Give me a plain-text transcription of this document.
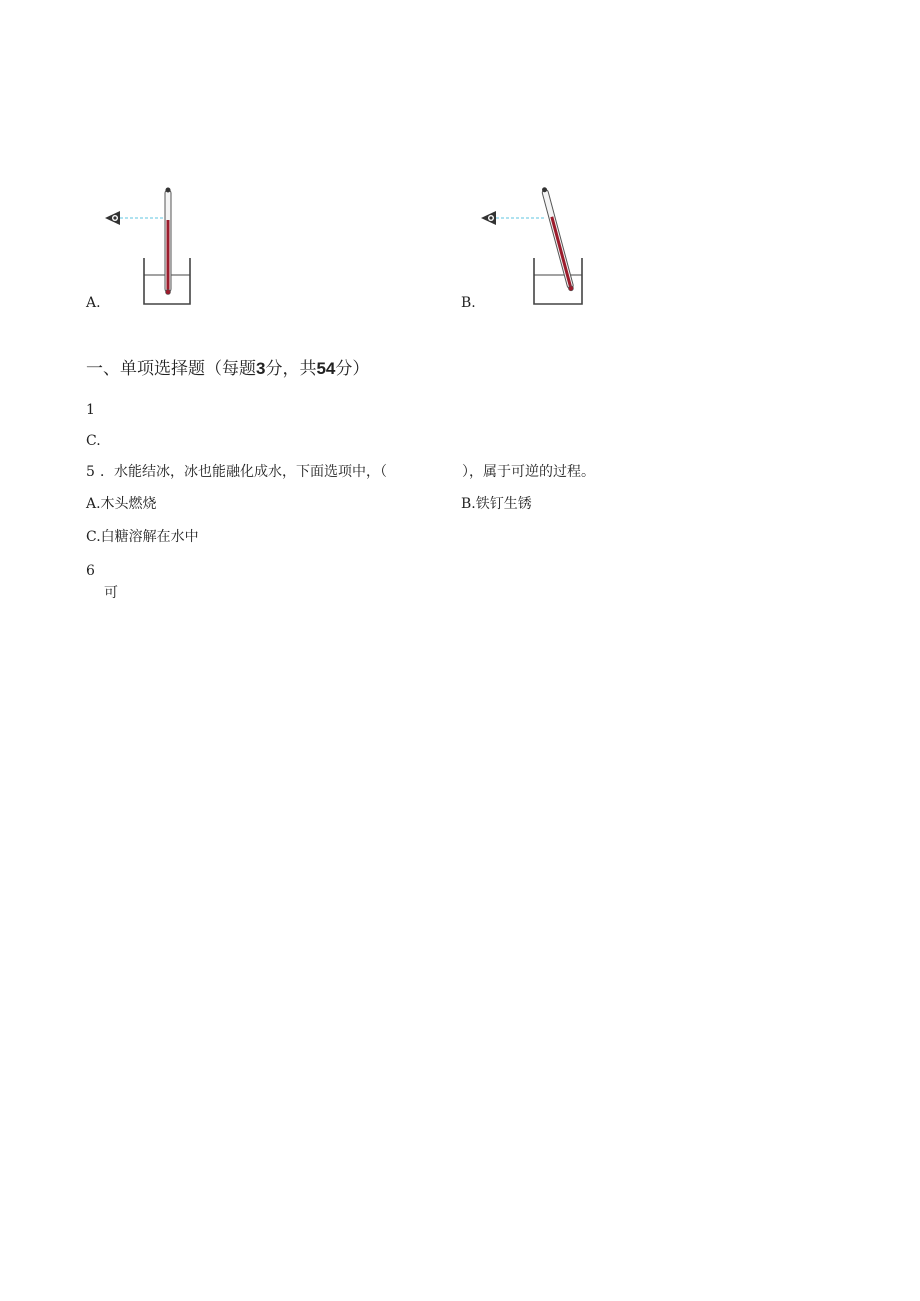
A.	B.
一、单项选择题（每题3分，共54分）
1
C.
5 ．水能结冰，冰也能融化成水，下面选项中，（	），属于可逆的过程。
A.木头燃烧	B.铁钉生锈
C.白糖溶解在水中
6
可
